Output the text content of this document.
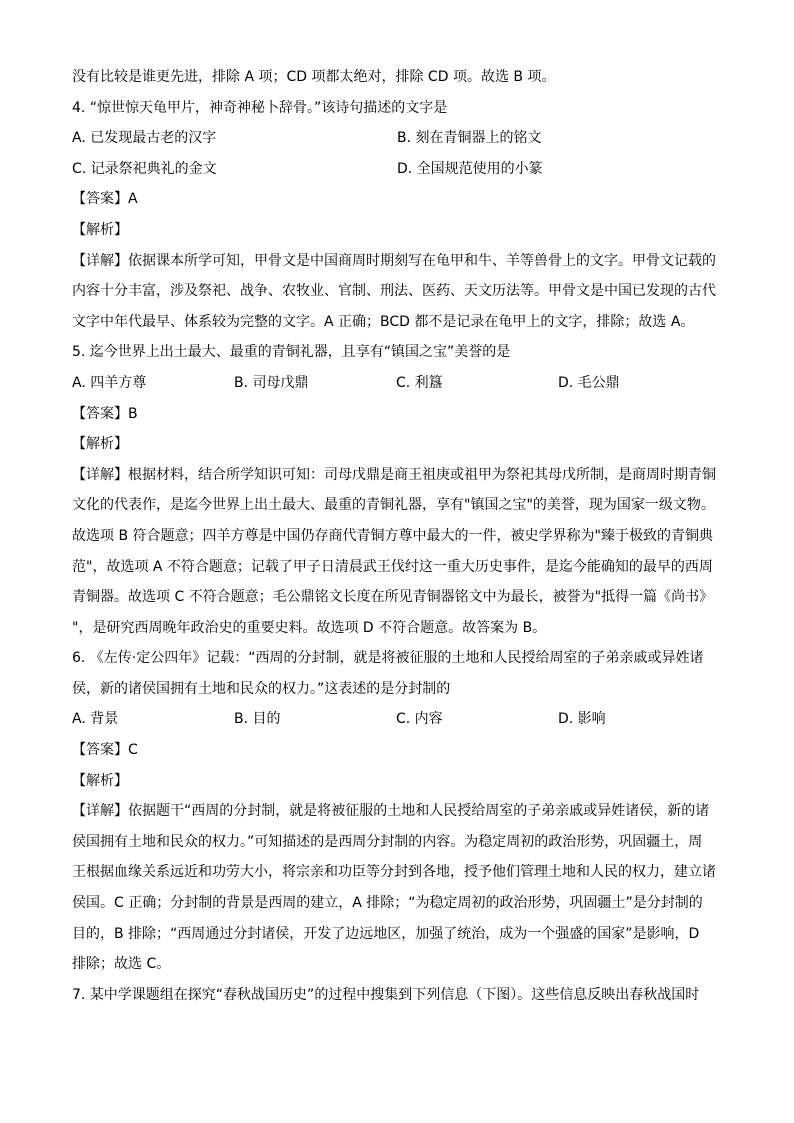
没有比较是谁更先进，排除 A 项；CD 项都太绝对，排除 CD 项。故选 B 项。
4. “惊世惊天龟甲片，神奇神秘卜辞骨。”该诗句描述的文字是
A. 已发现最古老的汉字	B. 刻在青铜器上的铭文
C. 记录祭祀典礼的金文	D. 全国规范使用的小篆
【答案】A
【解析】
【详解】依据课本所学可知，甲骨文是中国商周时期刻写在龟甲和牛、羊等兽骨上的文字。甲骨文记载的
内容十分丰富，涉及祭祀、战争、农牧业、官制、刑法、医药、天文历法等。甲骨文是中国已发现的古代
文字中年代最早、体系较为完整的文字。A 正确；BCD 都不是记录在龟甲上的文字，排除；故选 A。
5. 迄今世界上出土最大、最重的青铜礼器，且享有“镇国之宝”美誉的是
A. 四羊方尊	B. 司母戊鼎	C. 利簋	D. 毛公鼎
【答案】B
【解析】
【详解】根据材料，结合所学知识可知：司母戊鼎是商王祖庚或祖甲为祭祀其母戊所制，是商周时期青铜
文化的代表作，是迄今世界上出土最大、最重的青铜礼器，享有"镇国之宝"的美誉，现为国家一级文物。
故选项 B 符合题意；四羊方尊是中国仍存商代青铜方尊中最大的一件，被史学界称为"臻于极致的青铜典
范"，故选项 A 不符合题意；记载了甲子日清晨武王伐纣这一重大历史事件，是迄今能确知的最早的西周
青铜器。故选项 C 不符合题意；毛公鼎铭文长度在所见青铜器铭文中为最长，被誉为"抵得一篇《尚书》
"，是研究西周晚年政治史的重要史料。故选项 D 不符合题意。故答案为 B。
6. 《左传·定公四年》记载：“西周的分封制，就是将被征服的土地和人民授给周室的子弟亲戚或异姓诸
侯，新的诸侯国拥有土地和民众的权力。”这表述的是分封制的
A. 背景	B. 目的	C. 内容	D. 影响
【答案】C
【解析】
【详解】依据题干“西周的分封制，就是将被征服的土地和人民授给周室的子弟亲戚或异姓诸侯，新的诸
侯国拥有土地和民众的权力。”可知描述的是西周分封制的内容。为稳定周初的政治形势，巩固疆土，周
王根据血缘关系远近和功劳大小，将宗亲和功臣等分封到各地，授予他们管理土地和人民的权力，建立诸
侯国。C 正确；分封制的背景是西周的建立，A 排除；“为稳定周初的政治形势，巩固疆土”是分封制的
目的，B 排除；“西周通过分封诸侯，开发了边远地区，加强了统治，成为一个强盛的国家”是影响，D
排除；故选 C。
7. 某中学课题组在探究“春秋战国历史”的过程中搜集到下列信息（下图）。这些信息反映出春秋战国时
